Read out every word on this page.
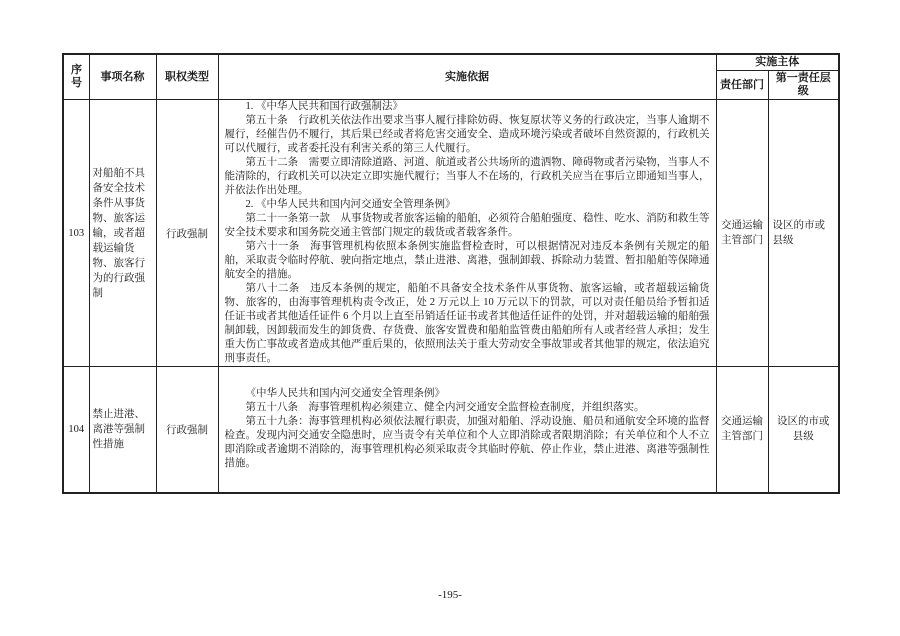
序号	事项名称	职权类型	实施依据	实施主体	
				责任部门	第一责任层级
103	对船舶不具备安全技术条件从事货物、旅客运输，或者超载运输货物、旅客行为的行政强制	行政强制	

1. 《中华人民共和国行政强制法》

第五十条　行政机关依法作出要求当事人履行排除妨碍、恢复原状等义务的行政决定，当事人逾期不履行，经催告仍不履行，其后果已经或者将危害交通安全、造成环境污染或者破坏自然资源的，行政机关可以代履行，或者委托没有利害关系的第三人代履行。

第五十二条　需要立即清除道路、河道、航道或者公共场所的遗洒物、障碍物或者污染物，当事人不能清除的，行政机关可以决定立即实施代履行；当事人不在场的，行政机关应当在事后立即通知当事人，并依法作出处理。

2. 《中华人民共和国内河交通安全管理条例》

第二十一条第一款　从事货物或者旅客运输的船舶，必须符合船舶强度、稳性、吃水、消防和救生等安全技术要求和国务院交通主管部门规定的载货或者载客条件。

第六十一条　海事管理机构依照本条例实施监督检查时，可以根据情况对违反本条例有关规定的船舶，采取责令临时停航、驶向指定地点，禁止进港、离港，强制卸载、拆除动力装置、暂扣船舶等保障通航安全的措施。

第八十二条　违反本条例的规定，船舶不具备安全技术条件从事货物、旅客运输，或者超载运输货物、旅客的，由海事管理机构责令改正，处 2 万元以上 10 万元以下的罚款，可以对责任船员给予暂扣适任证书或者其他适任证件 6 个月以上直至吊销适任证书或者其他适任证件的处罚，并对超载运输的船舶强制卸载，因卸载而发生的卸货费、存货费、旅客安置费和船舶监管费由船舶所有人或者经营人承担；发生重大伤亡事故或者造成其他严重后果的，依照刑法关于重大劳动安全事故罪或者其他罪的规定，依法追究刑事责任。

	交通运输主管部门	设区的市或县级
104	禁止进港、离港等强制性措施	行政强制	《中华人民共和国内河交通安全管理条例》

第五十八条　海事管理机构必须建立、健全内河交通安全监督检查制度，并组织落实。

第五十九条：海事管理机构必须依法履行职责，加强对船舶、浮动设施、船员和通航安全环境的监督检查。发现内河交通安全隐患时，应当责令有关单位和个人立即消除或者限期消除；有关单位和个人不立即消除或者逾期不消除的，海事管理机构必须采取责令其临时停航、停止作业，禁止进港、离港等强制性措施。	交通运输主管部门	设区的市或县级
-195-
